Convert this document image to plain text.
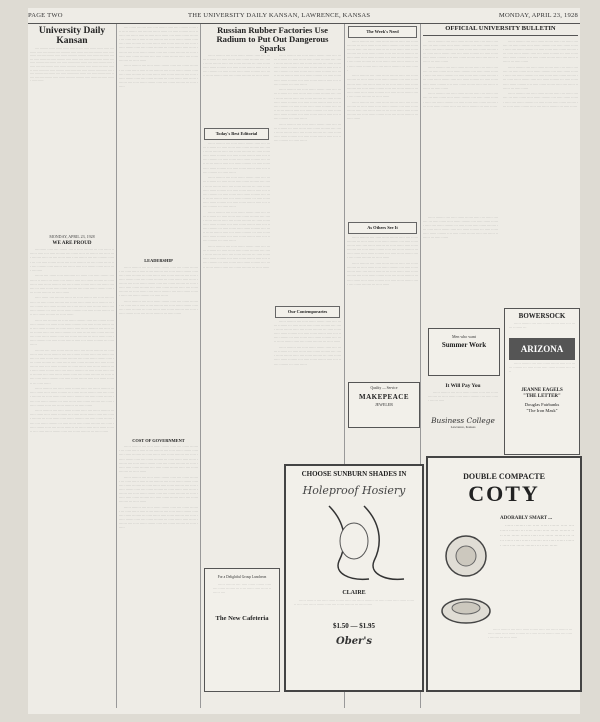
PAGE TWO	THE UNIVERSITY DAILY KANSAN, LAWRENCE, KANSAS	MONDAY, APRIL 23, 1928
University Daily Kansan

···· ········ ·· ···· ······ ······ ····· ··· ···· ····· ······ ···· ·· ····· ·········· ····· ···· ········ ···· ········· ····· ······ ···· ····· ········ ····· ····· ······ ···· ····· ······· ····· ······ ···· ····· ········ ····· ······ ···· ····· ······· ····· ······ ···· ····· ········ ····· ······ ···· ····· ······· ····· ······ ···· ····· ········ ····· ······ ···· ····· ······· ····· ······ ···· ····· ········ ····· ······ ···· ····· ······· ····· ······ ···· ····· ········ ····· ······ ···· ····· ······· ····· ······ ···· ····· ········ ····· ······ ···· ····· ······· ····· ······ ···· ····· ········ ····· ······ ···· ····· ······· ····· ······ ···· ····· ········ ····· ······ ···· ····· ······· ····· ······ ···· ····· ········ ····· ······ ···· ····· ······· ····· ······

MONDAY, APRIL 23, 1928
WE ARE PROUD

·········· ····· ···· ······· ···· ·· ····· ········ ··· ···· ······ ·· ······ ····· ···· ····· ········ ···· ······ ····· ··· ······· ···· ····· ···· ········ ····· ··· ···· ······ ····· ····· ······· ···· ···· ········ ······ ··· ···· ····· ······· ······ ···· ····· ········ ··· ···· ······ ······ ··· ···· ········ ····· ······· ···· ······ ····· ···· ······· ······ ····· ···· ·········

······· ···· ······ ····· ·········· ··· ······ ···· ····· ······· ···· ······ ·· ······ ··· ······ ···· ······· ····· ···· ······ ········ ··· ····· ······ ····· ······ ········ ···· ····· ······ ······· ····· ···· ······ ········ ··· ····· ······ ····· ······ ········ ···· ····· ······ ······· ····· ···· ······ ········ ··· ····· ······

····· ······ ···· ········ ······ ··· ····· ······· ···· ····· ········ ····· ··· ····· ······ ········ ···· ······ ····· ······ ····· ········ ··· ····· ······· ···· ······ ········ ····· ···· ······ ····· ······· ······ ···· ····· ········ ··· ····· ······ ······ ········ ···· ····· ······ ······· ····· ···· ······ ········ ··· ····· ······

······ ···· ········ ··· ····· ······ ········ ····· ···· ······· ······ ····· ········ ··· ······ ····· ······ ········ ···· ····· ······ ······· ····· ···· ······ ········ ··· ····· ······ ····· ······ ········ ···· ····· ······ ······· ····· ···· ······ ········ ··· ····· ······ ····· ······ ········ ···· ····· ······ ······· ····· ···· ······ ········ ··· ····· ······ ····· ······ ········ ···· ····· ······ ······· ····· ···· ······ ········ ··· ····· ······

········ ···· ····· ······ ······· ····· ···· ······ ········ ··· ····· ······ ····· ······ ········ ···· ····· ······ ······· ····· ···· ······ ········ ··· ····· ······ ····· ······ ········ ···· ····· ······ ······· ····· ···· ······ ········ ··· ····· ······ ····· ······ ········ ···· ····· ······ ······· ····· ···· ······ ········ ··· ····· ······ ····· ······ ········ ···· ····· ······ ······· ····· ···· ······ ········ ··· ····· ······ ····· ······ ········ ···· ····· ······ ······· ····· ···· ······ ········ ··· ····· ······ ····· ······ ········ ···· ····· ······ ······· ····· ···· ······ ········ ··· ····· ······

······ ········ ···· ····· ······ ······· ····· ···· ······ ········ ··· ····· ······ ····· ······ ········ ···· ····· ······ ······· ····· ···· ······ ········ ··· ····· ······ ····· ······ ········ ···· ····· ······ ······· ····· ···· ······ ········ ··· ····· ······ ····· ······ ········ ···· ····· ······ ······· ····· ···· ······ ········ ··· ····· ······

······ ········ ···· ····· ······ ······· ····· ···· ······ ········ ··· ····· ······ ····· ······ ········ ···· ····· ······ ······· ····· ···· ······ ········ ··· ····· ······ ····· ······ ········ ···· ····· ······ ······· ····· ···· ······ ········ ··· ····· ······ ····· ······ ········ ···· ····· ······ ······· ····· ···· ······ ········ ··· ····· ······ ····· ······ ········ ···· ····· ······ ······· ····· ···· ······ ········ ··· ····· ······

···· ······ ········ ····· ···· ······· ····· ···· ········ ······ ··· ····· ······· ···· ········ ······ ······ ··· ····· ········ ····· ······· ···· ······ ····· ········ ····· ······ ···· ······ ······ ········ ··· ····· ······ ····· ······ ········ ···· ····· ······ ······· ····· ···· ······ ········ ··· ····· ······ ····· ······ ········ ···· ····· ······ ······· ····· ···· ······ ········ ··· ····· ······ ····· ······ ········ ···· ····· ······ ······· ····· ···· ······ ········ ··· ····· ······ ····· ······ ········ ···· ····· ······ ······· ····· ···· ······ ········ ··· ····· ······

······ ········ ···· ····· ······ ······· ····· ···· ······ ········ ··· ····· ······ ····· ······ ········ ···· ····· ······ ······· ····· ···· ······ ········ ··· ····· ······ ····· ······ ········ ···· ····· ······ ······· ····· ···· ······ ········ ··· ····· ······ ····· ······ ········ ···· ····· ······ ······· ····· ···· ······ ········ ··· ····· ······

LEADERSHIP

······ ········ ···· ····· ······ ······· ····· ···· ······ ········ ··· ····· ······ ····· ······ ········ ···· ····· ······ ······· ····· ···· ······ ········ ··· ····· ······ ····· ······ ········ ···· ····· ······ ······· ····· ···· ······ ········ ··· ····· ······ ····· ······ ········ ···· ····· ······ ······· ····· ···· ······ ········ ··· ····· ······ ····· ······ ········ ···· ····· ······ ······· ····· ···· ······ ········ ··· ····· ······ ····· ······ ········ ···· ····· ······ ······· ····· ···· ······ ········ ··· ····· ······

······ ········ ···· ····· ······ ······· ····· ···· ······ ········ ··· ····· ······ ····· ······ ········ ···· ····· ······ ······· ····· ···· ······ ········ ··· ····· ······ ····· ······ ········ ···· ····· ······ ······· ····· ···· ······ ········ ··· ····· ······

COST OF GOVERNMENT

······ ········ ···· ····· ······ ······· ····· ···· ······ ········ ··· ····· ······ ····· ······ ········ ···· ····· ······ ······· ····· ···· ······ ········ ··· ····· ······ ····· ······ ········ ···· ····· ······ ······· ····· ···· ······ ········ ··· ····· ······ ····· ······ ········ ···· ····· ······ ······· ····· ···· ······ ········ ··· ····· ······ ····· ······ ········ ···· ····· ······ ······· ····· ···· ······ ········ ··· ····· ······

······ ········ ···· ····· ······ ······· ····· ···· ······ ········ ··· ····· ······ ····· ······ ········ ···· ····· ······ ······· ····· ···· ······ ········ ··· ····· ······ ····· ······ ········ ···· ····· ······ ······· ····· ···· ······ ········ ··· ····· ······ ····· ······ ········ ···· ····· ······ ······· ····· ···· ······ ········ ··· ····· ······ ····· ······ ········ ···· ····· ······ ······· ····· ···· ······ ········ ··· ····· ······

······ ········ ···· ····· ······ ······· ····· ···· ······ ········ ··· ····· ······ ····· ······ ········ ···· ····· ······ ······· ····· ···· ······ ········ ··· ····· ······ ····· ······ ········ ···· ····· ······ ······· ····· ···· ······ ········ ··· ····· ······ ····· ······ ········ ···· ····· ······ ······· ····· ···· ······ ········ ··· ····· ······

Russian Rubber Factories Use Radium to Put Out Dangerous Sparks

······ ········ ···· ····· ······ ······· ····· ···· ······ ········ ··· ····· ······ ····· ······ ········ ···· ····· ······ ······· ····· ···· ······ ········ ··· ····· ······ ····· ······ ········ ···· ····· ······ ······· ····· ···· ······ ········ ··· ····· ······ ····· ······ ········ ···· ····· ······ ······· ····· ···· ······ ········ ··· ····· ······

Today's Best Editorial

······ ········ ···· ····· ······ ······· ····· ···· ······ ········ ··· ····· ······ ····· ······ ········ ···· ····· ······ ······· ····· ···· ······ ········ ··· ····· ······ ····· ······ ········ ···· ····· ······ ······· ····· ···· ······ ········ ··· ····· ······ ····· ······ ········ ···· ····· ······ ······· ····· ···· ······ ········ ··· ····· ······ ····· ······ ········ ···· ····· ······ ······· ····· ···· ······ ········ ··· ····· ······

······ ········ ···· ····· ······ ······· ····· ···· ······ ········ ··· ····· ······ ····· ······ ········ ···· ····· ······ ······· ····· ···· ······ ········ ··· ····· ······ ····· ······ ········ ···· ····· ······ ······· ····· ···· ······ ········ ··· ····· ······ ····· ······ ········ ···· ····· ······ ······· ····· ···· ······ ········ ··· ····· ······ ····· ······ ········ ···· ····· ······ ······· ····· ···· ······ ········ ··· ····· ······

······ ········ ···· ····· ······ ······· ····· ···· ······ ········ ··· ····· ······ ····· ······ ········ ···· ····· ······ ······· ····· ···· ······ ········ ··· ····· ······ ····· ······ ········ ···· ····· ······ ······· ····· ···· ······ ········ ··· ····· ······ ····· ······ ········ ···· ····· ······ ······· ····· ···· ······ ········ ··· ····· ······ ····· ······ ········ ···· ····· ······ ······· ····· ···· ······ ········ ··· ····· ······

······ ········ ···· ····· ······ ······· ····· ···· ······ ········ ··· ····· ······ ····· ······ ········ ···· ····· ······ ······· ····· ···· ······ ········ ··· ····· ······ ····· ······ ········ ···· ····· ······ ······· ····· ···· ······ ········ ··· ····· ······ ····· ······ ········ ···· ····· ······ ······· ····· ···· ······ ········ ··· ····· ······

······ ········ ···· ····· ······ ······· ····· ···· ······ ········ ··· ····· ······ ····· ······ ········ ···· ····· ······ ······· ····· ···· ······ ········ ··· ····· ······ ····· ······ ········ ···· ····· ······ ······· ····· ···· ······ ········ ··· ····· ······ ····· ······ ········ ···· ····· ······ ······· ····· ···· ······ ········ ··· ····· ······ ····· ······ ········ ···· ····· ······ ······· ····· ···· ······ ········ ··· ····· ······

······ ········ ···· ····· ······ ······· ····· ···· ······ ········ ··· ····· ······ ····· ······ ········ ···· ····· ······ ······· ····· ···· ······ ········ ··· ····· ······ ····· ······ ········ ···· ····· ······ ······· ····· ···· ······ ········ ··· ····· ······ ····· ······ ········ ···· ····· ······ ······· ····· ···· ······ ········ ··· ····· ······ ····· ······ ········ ···· ····· ······ ······· ····· ···· ······ ········ ··· ····· ······

······ ········ ···· ····· ······ ······· ····· ···· ······ ········ ··· ····· ······ ····· ······ ········ ···· ····· ······ ······· ····· ···· ······ ········ ··· ····· ······ ····· ······ ········ ···· ····· ······ ······· ····· ···· ······ ········ ··· ····· ······

Our Contemporaries

······ ········ ···· ····· ······ ······· ····· ···· ······ ········ ··· ····· ······ ····· ······ ········ ···· ····· ······ ······· ····· ···· ······ ········ ··· ····· ······ ····· ······ ········ ···· ····· ······ ······· ····· ···· ······ ········ ··· ····· ······ ····· ······ ········ ···· ····· ······ ······· ····· ···· ······ ········ ··· ····· ······

······ ········ ···· ····· ······ ······· ····· ···· ······ ········ ··· ····· ······ ····· ······ ········ ···· ····· ······ ······· ····· ···· ······ ········ ··· ····· ······ ····· ······ ········ ···· ····· ······ ······· ····· ···· ······ ········ ··· ····· ······

The Week's Need

······ ········ ···· ····· ······ ······· ····· ···· ······ ········ ··· ····· ······ ····· ······ ········ ···· ····· ······ ······· ····· ···· ······ ········ ··· ····· ······ ····· ······ ········ ···· ····· ······ ······· ····· ···· ······ ········ ··· ····· ······ ····· ······ ········ ···· ····· ······ ······· ····· ···· ······ ········ ··· ····· ······ ····· ······ ········ ···· ····· ······ ······· ····· ···· ······ ········ ··· ····· ······

······ ········ ···· ····· ······ ······· ····· ···· ······ ········ ··· ····· ······ ····· ······ ········ ···· ····· ······ ······· ····· ···· ······ ········ ··· ····· ······ ····· ······ ········ ···· ····· ······ ······· ····· ···· ······ ········ ··· ····· ······ ····· ······ ········ ···· ····· ······ ······· ····· ···· ······ ········ ··· ····· ······

······ ········ ···· ····· ······ ······· ····· ···· ······ ········ ··· ····· ······ ····· ······ ········ ···· ····· ······ ······· ····· ···· ······ ········ ··· ····· ······ ····· ······ ········ ···· ····· ······ ······· ····· ···· ······ ········ ··· ····· ······

As Others See It

······ ········ ···· ····· ······ ······· ····· ···· ······ ········ ··· ····· ······ ····· ······ ········ ···· ····· ······ ······· ····· ···· ······ ········ ··· ····· ······ ····· ······ ········ ···· ····· ······ ······· ····· ···· ······ ········ ··· ····· ······ ····· ······ ········ ···· ····· ······ ······· ····· ···· ······ ········ ··· ····· ······

······ ········ ···· ····· ······ ······· ····· ···· ······ ········ ··· ····· ······ ····· ······ ········ ···· ····· ······ ······· ····· ···· ······ ········ ··· ····· ······ ····· ······ ········ ···· ····· ······ ······· ····· ···· ······ ········ ··· ····· ······ ····· ······ ········ ···· ····· ······ ······· ····· ···· ······ ········ ··· ····· ······

OFFICIAL UNIVERSITY BULLETIN

······ ········ ···· ····· ······ ······· ····· ···· ······ ········ ··· ····· ······ ····· ······ ········ ···· ····· ······ ······· ····· ···· ······ ········ ··· ····· ······ ····· ······ ········ ···· ····· ······ ······· ····· ···· ······ ········ ··· ····· ······ ····· ······ ········ ···· ····· ······ ······· ····· ···· ······ ········ ··· ····· ······

······ ········ ···· ····· ······ ······· ····· ···· ······ ········ ··· ····· ······ ····· ······ ········ ···· ····· ······ ······· ····· ···· ······ ········ ··· ····· ······ ····· ······ ········ ···· ····· ······ ······· ····· ···· ······ ········ ··· ····· ······ ····· ······ ········ ···· ····· ······ ······· ····· ···· ······ ········ ··· ····· ······

······ ········ ···· ····· ······ ······· ····· ···· ······ ········ ··· ····· ······ ····· ······ ········ ···· ····· ······ ······· ····· ···· ······ ········ ··· ····· ······ ····· ······ ········ ···· ····· ······ ······· ····· ···· ······ ········ ··· ····· ······

······ ········ ···· ····· ······ ······· ····· ···· ······ ········ ··· ····· ······ ····· ······ ········ ···· ····· ······ ······· ····· ···· ······ ········ ··· ····· ······ ····· ······ ········ ···· ····· ······ ······· ····· ···· ······ ········ ··· ····· ······ ····· ······ ········ ···· ····· ······ ······· ····· ···· ······ ········ ··· ····· ······

······ ········ ···· ····· ······ ······· ····· ···· ······ ········ ··· ····· ······ ····· ······ ········ ···· ····· ······ ······· ····· ···· ······ ········ ··· ····· ······ ····· ······ ········ ···· ····· ······ ······· ····· ···· ······ ········ ··· ····· ······ ····· ······ ········ ···· ····· ······ ······· ····· ···· ······ ········ ··· ····· ······

······ ········ ···· ····· ······ ······· ····· ···· ······ ········ ··· ····· ······ ····· ······ ········ ···· ····· ······ ······· ····· ···· ······ ········ ··· ····· ······ ····· ······ ········ ···· ····· ······ ······· ····· ···· ······ ········ ··· ····· ······

······ ········ ···· ····· ······ ······· ····· ···· ······ ········ ··· ····· ······ ····· ······ ········ ···· ····· ······ ······· ····· ···· ······ ········ ··· ····· ······ ····· ······ ········ ···· ····· ······ ······· ····· ···· ······ ········ ··· ····· ······ ····· ······ ········ ···· ····· ······ ······· ····· ···· ······ ········ ··· ····· ······

Quality — Service
MAKEPEACE
JEWELER
CHOOSE SUNBURN SHADES IN
Holeproof Hosiery
CLAIRE

······ ········ ···· ····· ······ ······· ····· ···· ······ ········ ··· ····· ······ ····· ······ ········ ···· ····· ······ ······· ····· ···· ······ ········ ··· ····· ······

$1.50 — $1.95
Ober's
For a Delightful Group Luncheon

······ ········ ···· ····· ······ ······· ····· ···· ······ ········ ··· ····· ······ ····· ······ ········ ····

The New Cafeteria
Men who want
Summer Work
It Will Pay You

······ ········ ···· ····· ······ ······· ····· ···· ······ ········ ··· ····· ······ ····· ······ ········ ···· ····· ······ ······· ·····

Business College
Lawrence, Kansas
BOWERSOCK

······ ········ ···· ····· ······ ······· ····· ···· ······ ········ ···

ARIZONA

······ ········ ···· ····· ······ ······· ····· ···· ······ ········ ··· ····· ······ ····· ······ ········ ···· ·····

JEANNE EAGELS
"THE LETTER"
Douglas Fairbanks
"The Iron Mask"
DOUBLE COMPACTE
COTY
ADORABLY SMART ...

······ ········ ···· ····· ······ ······· ····· ···· ······ ········ ··· ····· ······ ····· ······ ········ ···· ····· ······ ······· ····· ···· ······ ········ ··· ····· ······ ····· ······ ········ ···· ····· ······ ······· ····· ···· ······ ········ ··· ····· ······

······ ········ ···· ····· ······ ······· ····· ···· ······ ········ ··· ····· ······ ····· ······ ········ ···· ····· ······ ······· ····· ···· ······ ········ ··· ····· ······
